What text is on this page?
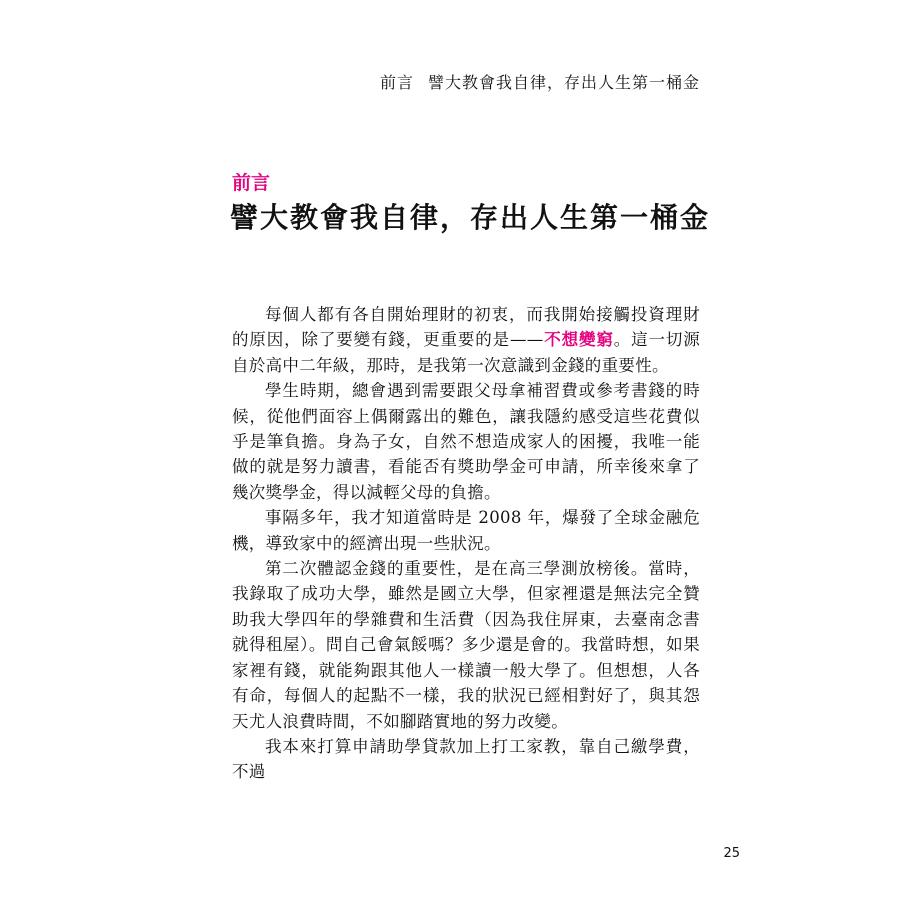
前言 譬大教會我自律，存出人生第一桶金
前言
譬大教會我自律，存出人生第一桶金

每個人都有各自開始理財的初衷，而我開始接觸投資理財的原因，除了要變有錢，更重要的是——不想變窮。這一切源自於高中二年級，那時，是我第一次意識到金錢的重要性。

學生時期，總會遇到需要跟父母拿補習費或參考書錢的時候，從他們面容上偶爾露出的難色，讓我隱約感受這些花費似乎是筆負擔。身為子女，自然不想造成家人的困擾，我唯一能做的就是努力讀書，看能否有獎助學金可申請，所幸後來拿了幾次獎學金，得以減輕父母的負擔。

事隔多年，我才知道當時是 2008 年，爆發了全球金融危機，導致家中的經濟出現一些狀況。

第二次體認金錢的重要性，是在高三學測放榜後。當時，我錄取了成功大學，雖然是國立大學，但家裡還是無法完全贊助我大學四年的學雜費和生活費（因為我住屏東，去臺南念書就得租屋）。問自己會氣餒嗎？多少還是會的。我當時想，如果家裡有錢，就能夠跟其他人一樣讀一般大學了。但想想，人各有命，每個人的起點不一樣，我的狀況已經相對好了，與其怨天尤人浪費時間，不如腳踏實地的努力改變。

我本來打算申請助學貸款加上打工家教，靠自己繳學費，不過

25
